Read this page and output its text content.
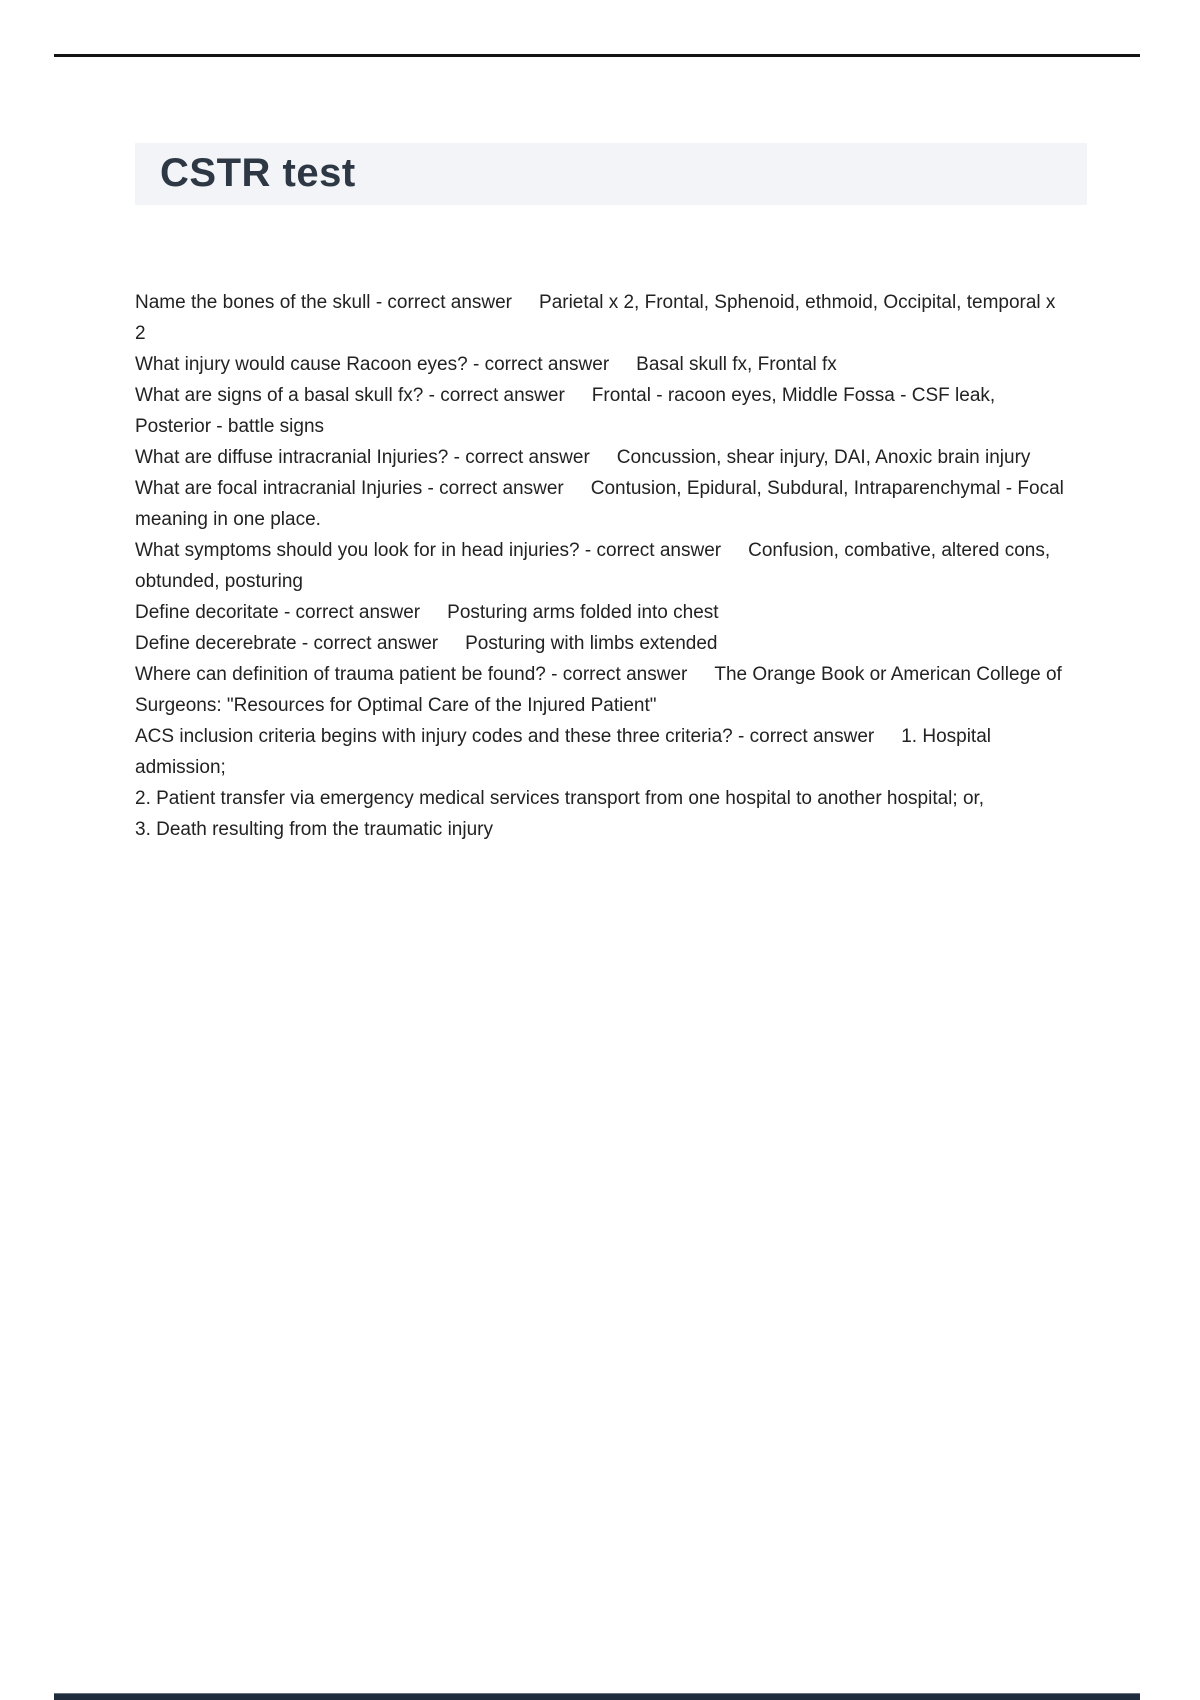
CSTR test

Name the bones of the skull - correct answer Parietal x 2, Frontal, Sphenoid, ethmoid, Occipital, temporal x 2

What injury would cause Racoon eyes? - correct answer Basal skull fx, Frontal fx

What are signs of a basal skull fx? - correct answer Frontal - racoon eyes, Middle Fossa - CSF leak, Posterior - battle signs

What are diffuse intracranial Injuries? - correct answer Concussion, shear injury, DAI, Anoxic brain injury

What are focal intracranial Injuries - correct answer Contusion, Epidural, Subdural, Intraparenchymal - Focal meaning in one place.

What symptoms should you look for in head injuries? - correct answer Confusion, combative, altered cons, obtunded, posturing

Define decoritate - correct answer Posturing arms folded into chest

Define decerebrate - correct answer Posturing with limbs extended

Where can definition of trauma patient be found? - correct answer The Orange Book or American College of Surgeons: "Resources for Optimal Care of the Injured Patient"

ACS inclusion criteria begins with injury codes and these three criteria? - correct answer 1. Hospital admission;

2. Patient transfer via emergency medical services transport from one hospital to another hospital; or,

3. Death resulting from the traumatic injury
